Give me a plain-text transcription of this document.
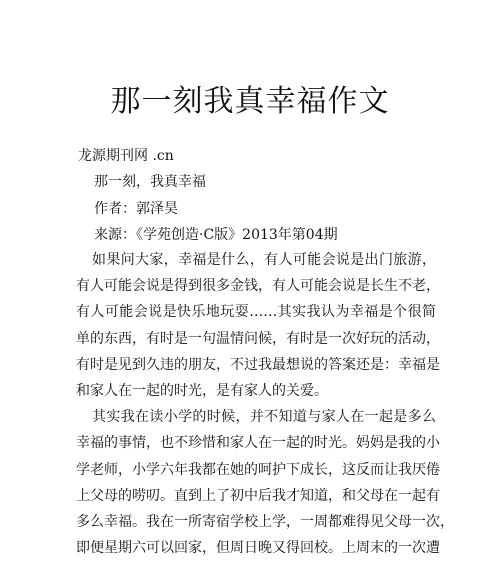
那一刻我真幸福作文

龙源期刊网 .cn

那一刻，我真幸福

作者：郭泽昊

来源：《学苑创造·C版》2013年第04期

如果问大家，幸福是什么，有人可能会说是出门旅游，

有人可能会说是得到很多金钱，有人可能会说是长生不老，

有人可能会说是快乐地玩耍……其实我认为幸福是个很简

单的东西，有时是一句温情问候，有时是一次好玩的活动，

有时是见到久违的朋友，不过我最想说的答案还是：幸福是

和家人在一起的时光，是有家人的关爱。

其实我在读小学的时候，并不知道与家人在一起是多么

幸福的事情，也不珍惜和家人在一起的时光。妈妈是我的小

学老师，小学六年我都在她的呵护下成长，这反而让我厌倦

上父母的唠叨。直到上了初中后我才知道，和父母在一起有

多么幸福。我在一所寄宿学校上学，一周都难得见父母一次，

即便星期六可以回家，但周日晚又得回校。上周末的一次遭
